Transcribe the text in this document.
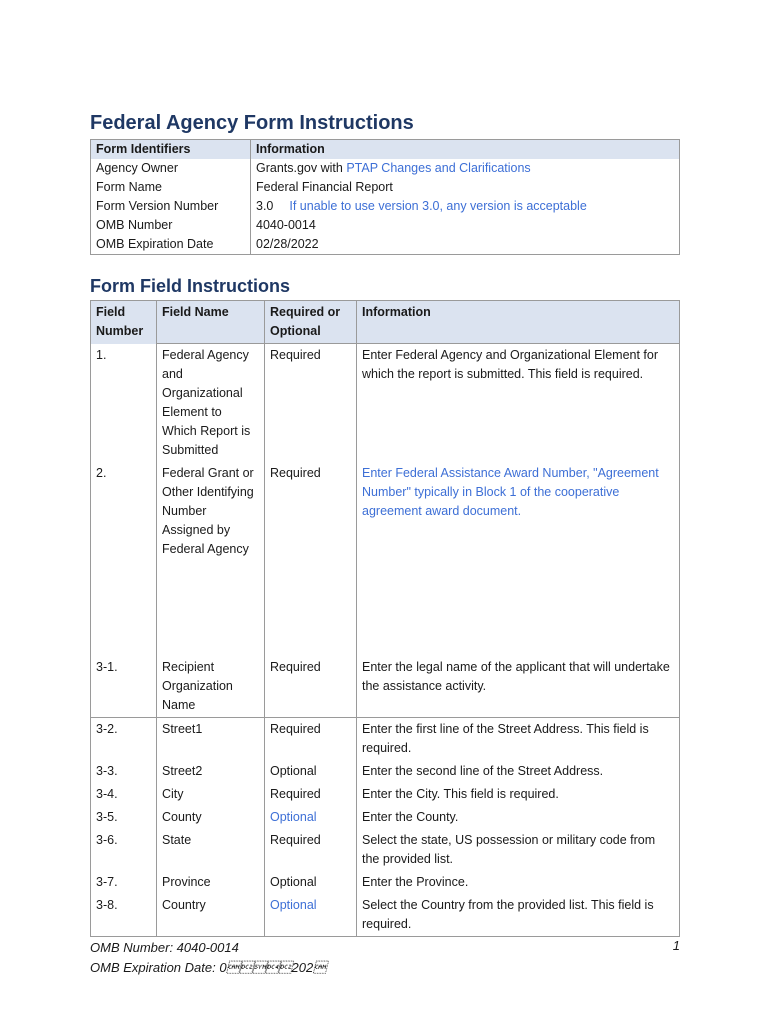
Federal Agency Form Instructions
Form Identifiers	Information
Agency Owner	Grants.gov with PTAP Changes and Clarifications
Form Name	Federal Financial Report
Form Version Number	3.0 If unable to use version 3.0, any version is acceptable
OMB Number	4040-0014
OMB Expiration Date	02/28/2022
Form Field Instructions
Field Number	Field Name	Required or Optional	Information
1.	Federal Agency and Organizational Element to Which Report is Submitted	Required	Enter Federal Agency and Organizational Element for which the report is submitted. This field is required.
2.	Federal Grant or Other Identifying Number Assigned by Federal Agency	Required	Enter Federal Assistance Award Number, "Agreement Number" typically in Block 1 of the cooperative agreement award document.
3-1.	Recipient Organization Name	Required	Enter the legal name of the applicant that will undertake the assistance activity.
3-2.	Street1	Required	Enter the first line of the Street Address. This field is required.
3-3.	Street2	Optional	Enter the second line of the Street Address.
3-4.	City	Required	Enter the City. This field is required.
3-5.	County	Optional	Enter the County.
3-6.	State	Required	Select the state, US possession or military code from the provided list.
3-7.	Province	Optional	Enter the Province.
3-8.	Country	Optional	Select the Country from the provided list. This field is required.
OMB Number: 4040-0014
OMB Expiration Date: 0202
1
